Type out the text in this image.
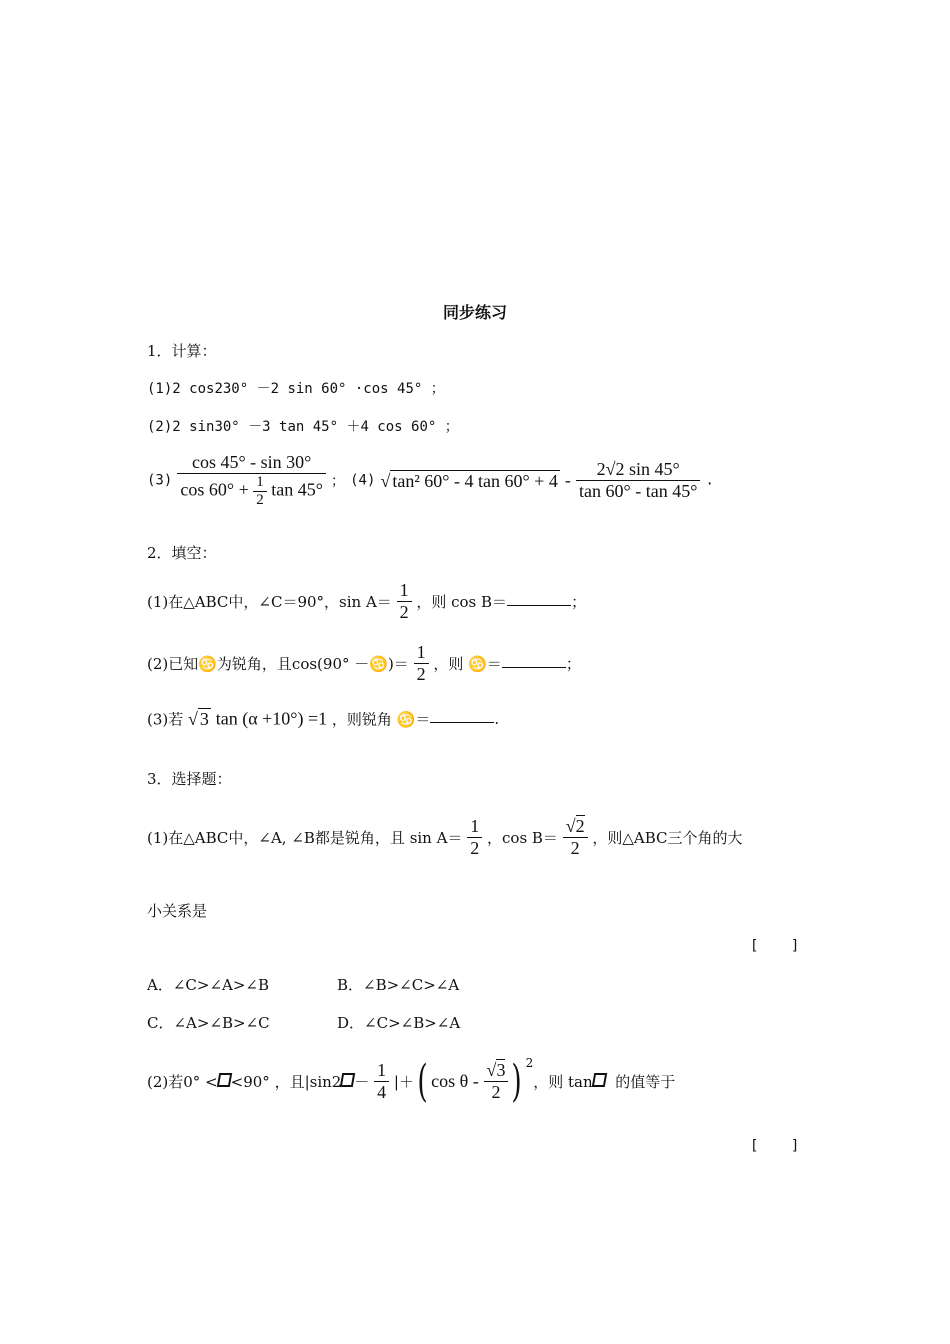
同步练习
1．计算：
(1)2 cos230° －2 sin 60° ·cos 45° ；
(2)2 sin30° －3 tan 45° ＋4 cos 60° ；
(3)
cos 45° - sin 30°
$\cos 60^\circ + \frac{1}{2}$ tan 45° ； (4) √ tan² 60° - 4 $\tan 60^\circ + 4 - \frac{2√2 \sin 45^\circ}{\tan 60^\circ - \tan 45^\circ}$ .
2．填空：
(1)在△ABC中，∠C＝90°，$\sin A= \frac{1}{2}$ ，则 cos B＝	；
(2)已知♋为锐角，且cos(90° －♋)＝ $\frac{1}{2}$ ，则 ♋＝	；
(3)若 √ 3 tan (α +10°) =1 ，则锐角 ♋＝	.
3．选择题：
(1)在△ABC中，∠A, ∠B都是锐角，且 $\sin A= \frac{1}{2}$ ，$\cos B= \frac{√2}{2}$ ，则△ABC三个角的大
小关系是
[ ]
A．∠C>∠A>∠B	B．∠B>∠C>∠A
C．∠A>∠B>∠C	D．∠C>∠B>∠A
(2)若0° < <90° ，且$|\sin 2 - \frac{1}{4}$ |＋( cos θ - $\frac{√3}{2}$ ) $^2$，则 tan 的值等于
[ ]
